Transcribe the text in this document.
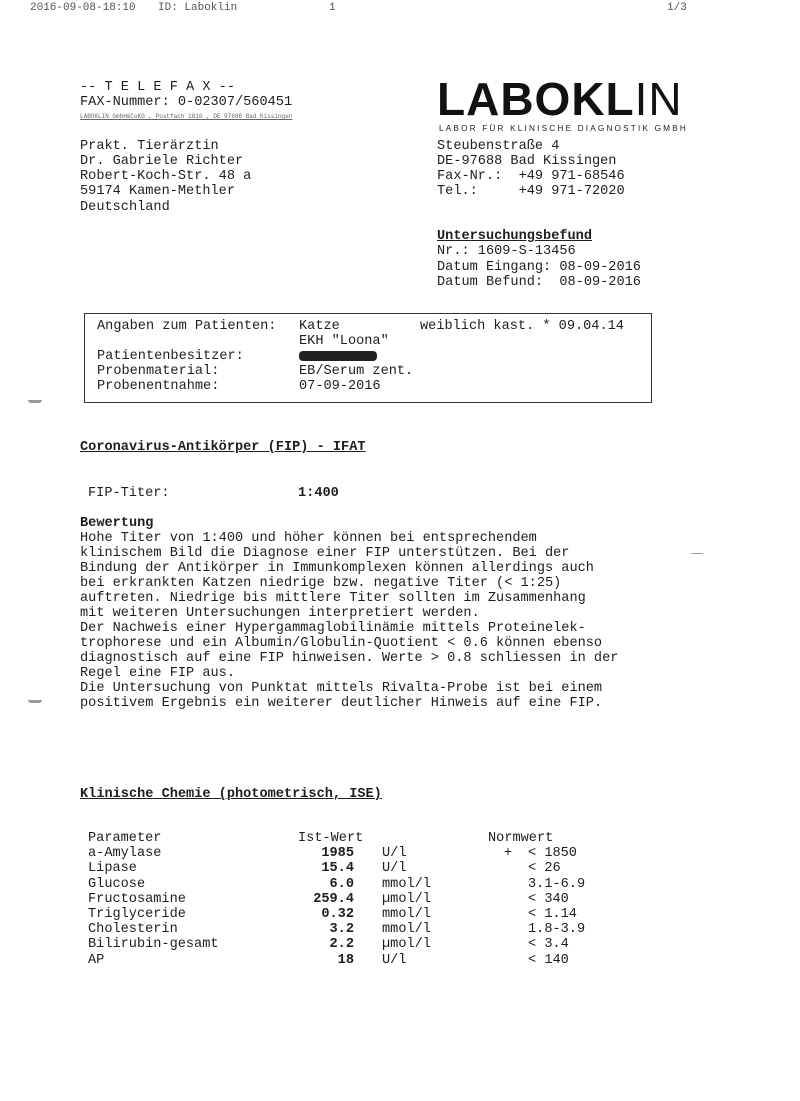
2016-09-08-18:10 ID: Laboklin	1	1/3
-- T E L E F A X --
FAX-Nummer: 0-02307/560451
LABOKLIN GmbH&CoKG , Postfach 1810 , DE 97688 Bad Kissingen	LABOKLIN
LABOR FÜR KLINISCHE DIAGNOSTIK GMBH
Prakt. Tierärztin
Dr. Gabriele Richter
Robert-Koch-Str. 48 a
59174 Kamen-Methler
Deutschland
Steubenstraße 4
DE-97688 Bad Kissingen
Fax-Nr.:  +49 971-68546
Tel.:     +49 971-72020
Untersuchungsbefund
Nr.: 1609-S-13456
Datum Eingang: 08-09-2016
Datum Befund:  08-09-2016
Angaben zum Patienten: Katze	weiblich kast. * 09.04.14
EKH "Loona"
Patientenbesitzer:
Probenmaterial:	EB/Serum zent.
Probenentnahme:	07-09-2016
Coronavirus-Antikörper (FIP) - IFAT
FIP-Titer:	1:400
Bewertung
Hohe Titer von 1:400 und höher können bei entsprechendem
klinischem Bild die Diagnose einer FIP unterstützen. Bei der
Bindung der Antikörper in Immunkomplexen können allerdings auch
bei erkrankten Katzen niedrige bzw. negative Titer (< 1:25)
auftreten. Niedrige bis mittlere Titer sollten im Zusammenhang
mit weiteren Untersuchungen interpretiert werden.
Der Nachweis einer Hypergammaglobilinämie mittels Proteinelek-
trophorese und ein Albumin/Globulin-Quotient < 0.6 können ebenso
diagnostisch auf eine FIP hinweisen. Werte > 0.8 schliessen in der
Regel eine FIP aus.
Die Untersuchung von Punktat mittels Rivalta-Probe ist bei einem
positivem Ergebnis ein weiterer deutlicher Hinweis auf eine FIP.
Klinische Chemie (photometrisch, ISE)
Parameter	Ist-Wert		Normwert	
a-Amylase	1985	U/l	+	< 1850
Lipase	15.4	U/l		< 26
Glucose	6.0	mmol/l		3.1-6.9
Fructosamine	259.4	µmol/l		< 340
Triglyceride	0.32	mmol/l		< 1.14
Cholesterin	3.2	mmol/l		1.8-3.9
Bilirubin-gesamt	2.2	µmol/l		< 3.4
AP	18	U/l		< 140
